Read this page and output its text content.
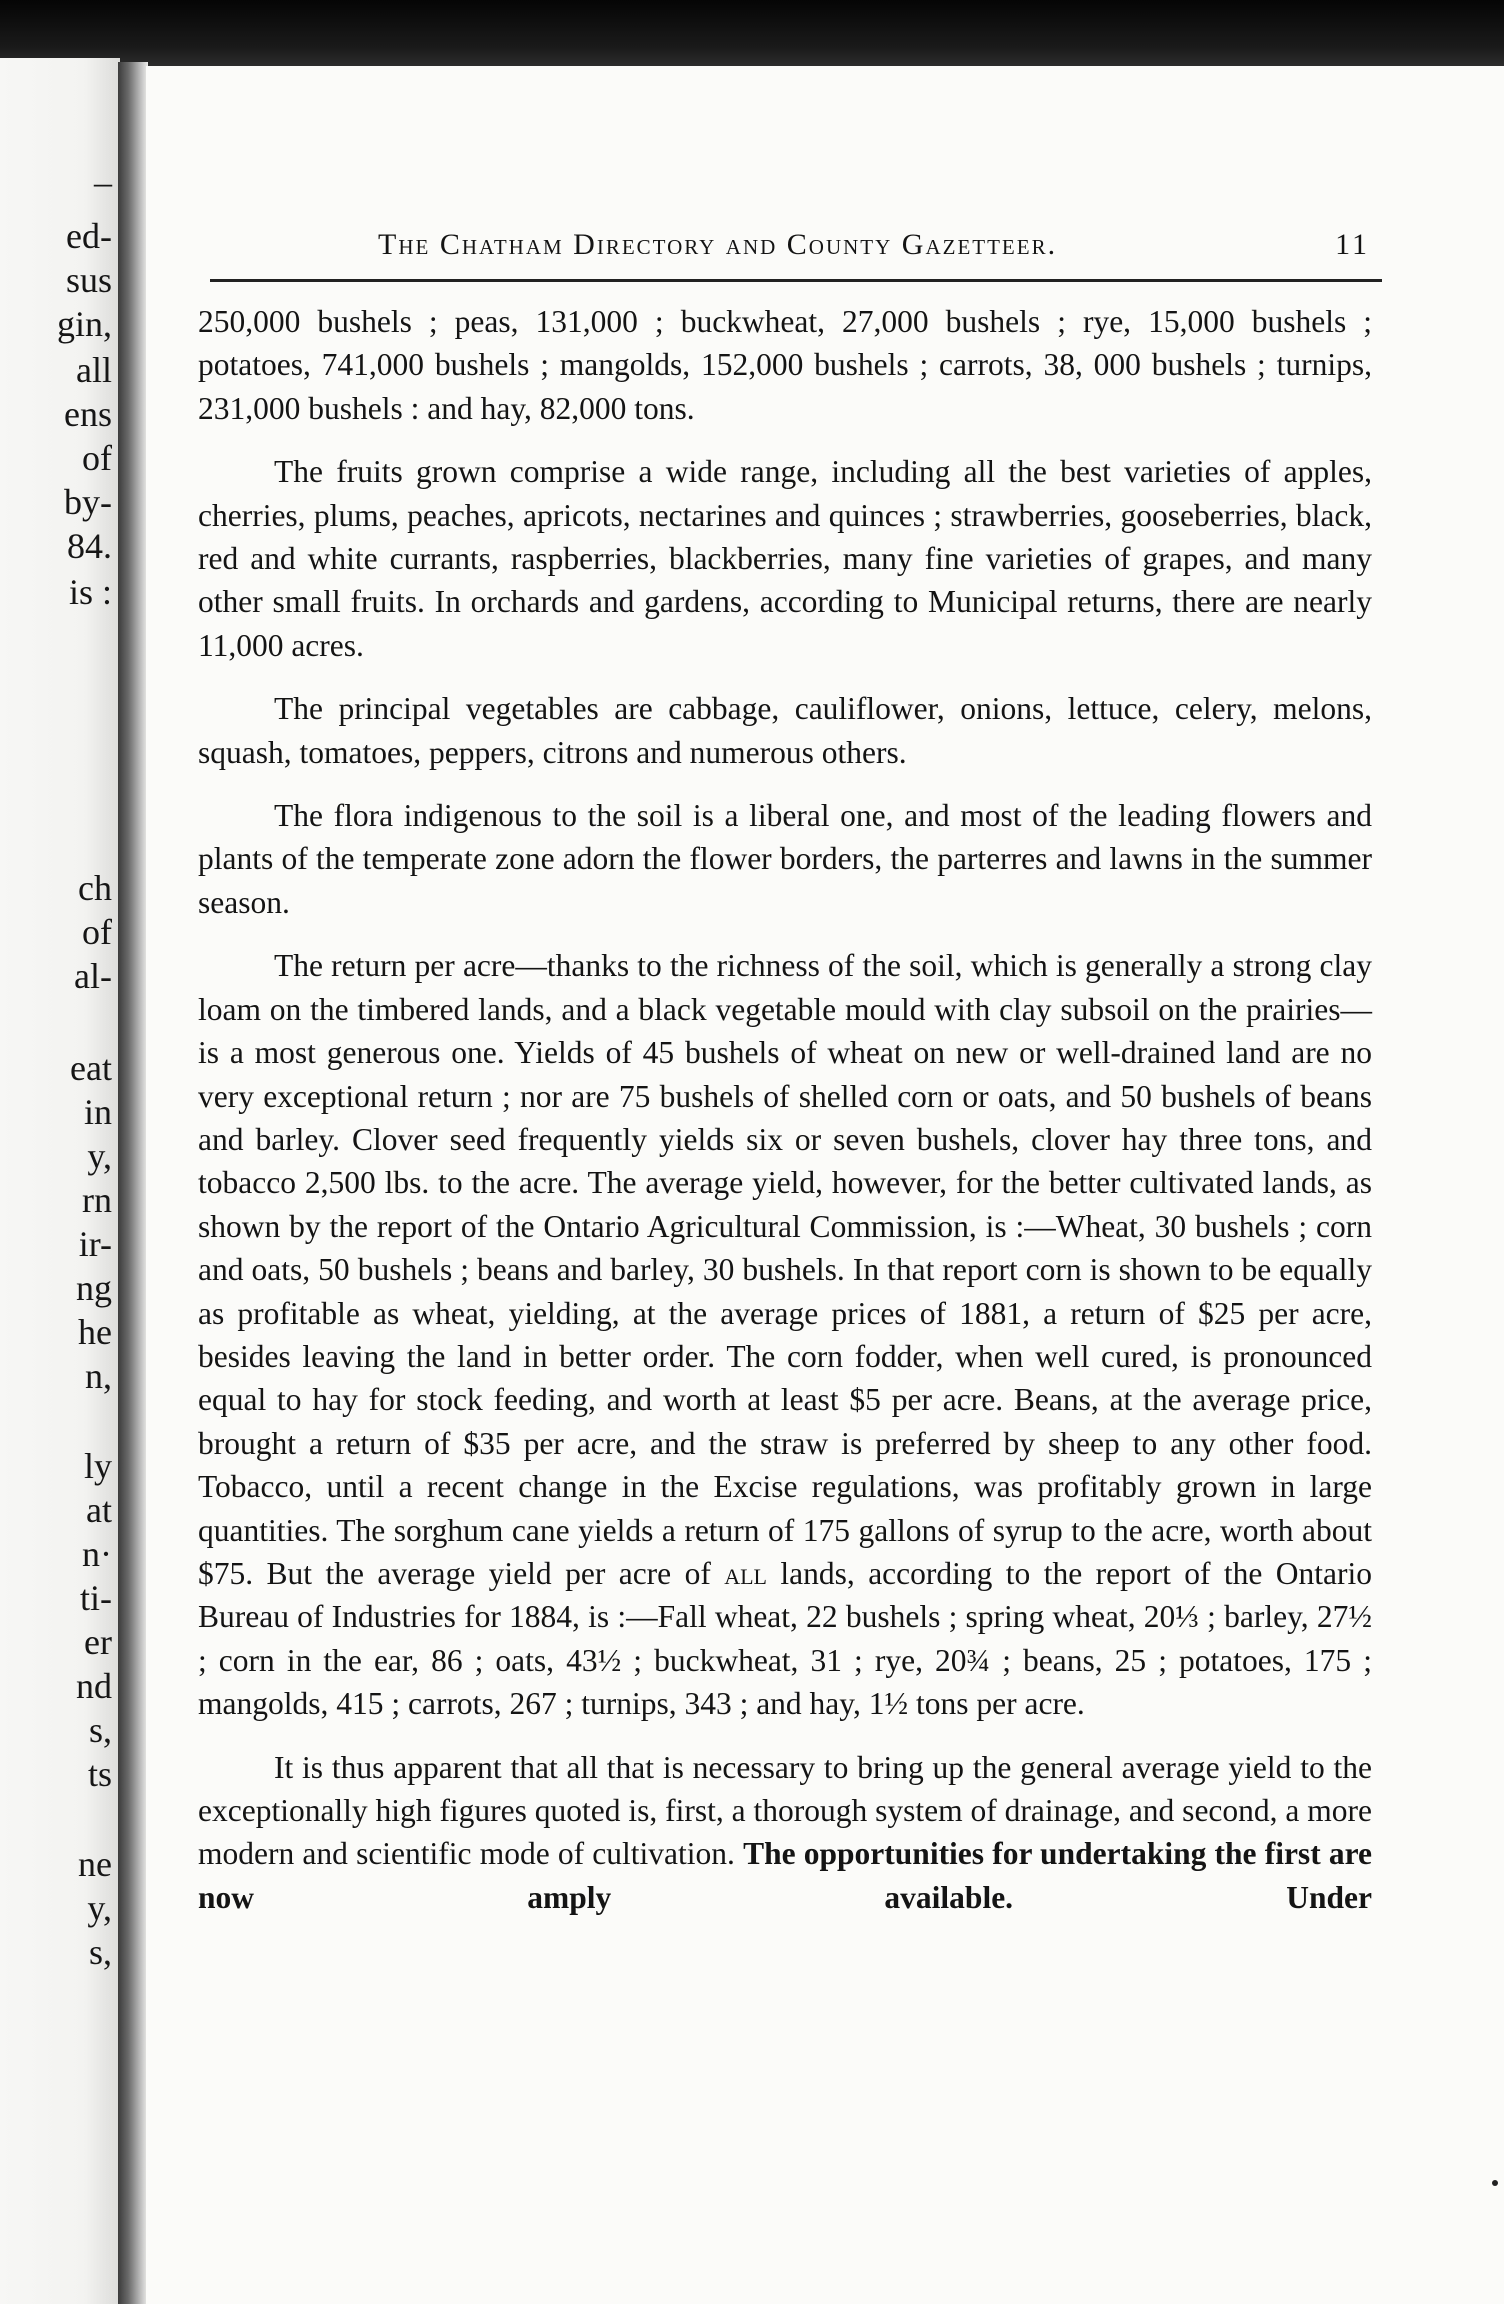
–
ed-
sus
gin,
all
ens
of
by-
84.
is :
ch
of
al-
eat
in
y,
rn
ir-
ng
he
n,
ly
at
n·
ti-
er
nd
s,
ts
ne
y,
s,
The Chatham Directory and County Gazetteer.	11

250,000 bushels ; peas, 131,000 ; buckwheat, 27,000 bushels ; rye, 15,000 bushels ; potatoes, 741,000 bushels ; mangolds, 152,000 bushels ; carrots, 38, 000 bushels ; turnips, 231,000 bushels : and hay, 82,000 tons.

The fruits grown comprise a wide range, including all the best varieties of apples, cherries, plums, peaches, apricots, nectarines and quinces ; strawberries, gooseberries, black, red and white currants, raspberries, blackberries, many fine varieties of grapes, and many other small fruits. In orchards and gardens, according to Municipal returns, there are nearly 11,000 acres.

The principal vegetables are cabbage, cauliflower, onions, lettuce, celery, melons, squash, tomatoes, peppers, citrons and numerous others.

The flora indigenous to the soil is a liberal one, and most of the leading flowers and plants of the temperate zone adorn the flower borders, the parterres and lawns in the summer season.

The return per acre—thanks to the richness of the soil, which is generally a strong clay loam on the timbered lands, and a black vegetable mould with clay subsoil on the prairies—is a most generous one. Yields of 45 bushels of wheat on new or well-drained land are no very exceptional return ; nor are 75 bushels of shelled corn or oats, and 50 bushels of beans and barley. Clover seed frequently yields six or seven bushels, clover hay three tons, and tobacco 2,500 lbs. to the acre. The average yield, however, for the better cultivated lands, as shown by the report of the Ontario Agricultural Commission, is :—Wheat, 30 bushels ; corn and oats, 50 bushels ; beans and barley, 30 bushels. In that report corn is shown to be equally as profitable as wheat, yielding, at the average prices of 1881, a return of $25 per acre, besides leaving the land in better order. The corn fodder, when well cured, is pronounced equal to hay for stock feeding, and worth at least $5 per acre. Beans, at the average price, brought a return of $35 per acre, and the straw is preferred by sheep to any other food. Tobacco, until a recent change in the Excise regulations, was profitably grown in large quantities. The sorghum cane yields a return of 175 gallons of syrup to the acre, worth about $75. But the average yield per acre of all lands, according to the report of the Ontario Bureau of Industries for 1884, is :—Fall wheat, 22 bushels ; spring wheat, 20⅓ ; barley, 27½ ; corn in the ear, 86 ; oats, 43½ ; buckwheat, 31 ; rye, 20¾ ; beans, 25 ; potatoes, 175 ; mangolds, 415 ; carrots, 267 ; turnips, 343 ; and hay, 1½ tons per acre.

It is thus apparent that all that is necessary to bring up the general average yield to the exceptionally high figures quoted is, first, a thorough system of drainage, and second, a more modern and scientific mode of cultivation. The opportunities for undertaking the first are now amply available. Under
